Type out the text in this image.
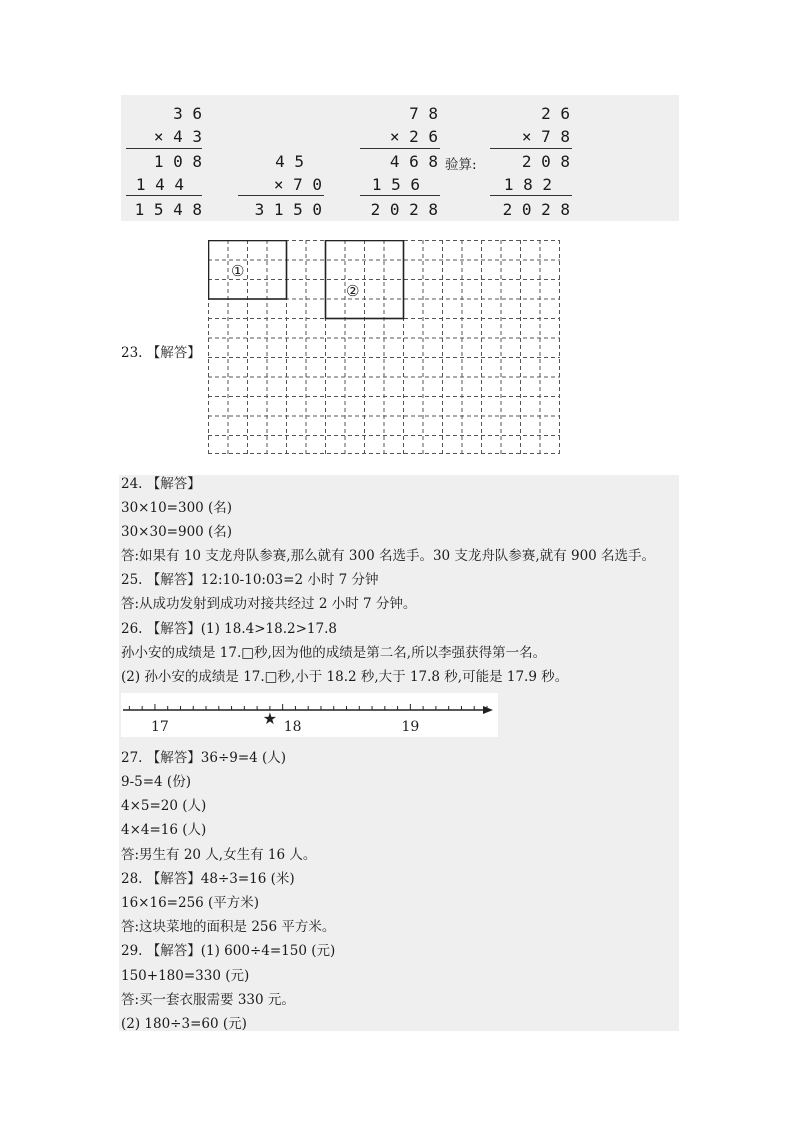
3 6
× 4 3
1 0 8
1 4 4
1 5 4 8
4 5
× 7 0
3 1 5 0
7 8
× 2 6
4 6 8
1 5 6
2 0 2 8
验算:
2 6
× 7 8
2 0 8
1 8 2
2 0 2 8
23. 【解答】
①
②
24. 【解答】
30×10=300 (名)
30×30=900 (名)
答:如果有 10 支龙舟队参赛,那么就有 300 名选手。30 支龙舟队参赛,就有 900 名选手。
25. 【解答】12:10-10:03=2 小时 7 分钟
答:从成功发射到成功对接共经过 2 小时 7 分钟。
26. 【解答】(1) 18.4>18.2>17.8
孙小安的成绩是 17.□秒,因为他的成绩是第二名,所以李强获得第一名。
(2) 孙小安的成绩是 17.□秒,小于 18.2 秒,大于 17.8 秒,可能是 17.9 秒。
17	18	19
★
27. 【解答】36÷9=4 (人)
9-5=4 (份)
4×5=20 (人)
4×4=16 (人)
答:男生有 20 人,女生有 16 人。
28. 【解答】48÷3=16 (米)
16×16=256 (平方米)
答:这块菜地的面积是 256 平方米。
29. 【解答】(1) 600÷4=150 (元)
150+180=330 (元)
答:买一套衣服需要 330 元。
(2) 180÷3=60 (元)
